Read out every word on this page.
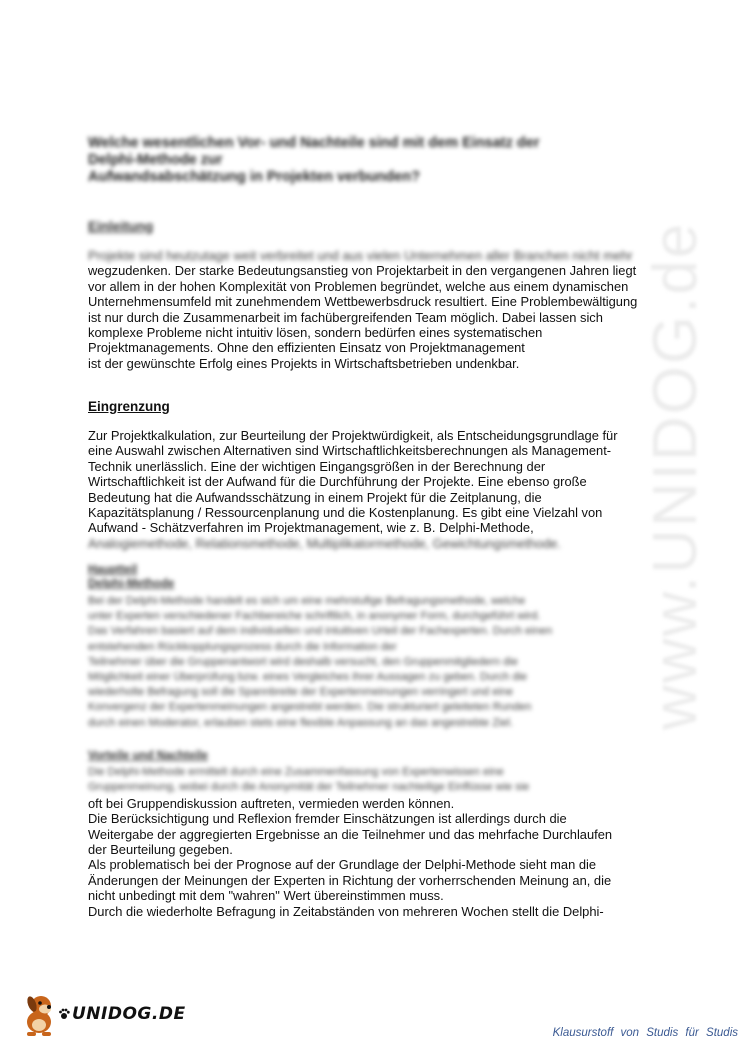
www.UNIDOG.de
Welche wesentlichen Vor- und Nachteile sind mit dem Einsatz der
Delphi-Methode zur
Aufwandsabschätzung in Projekten verbunden?
Einleitung
Projekte sind heutzutage weit verbreitet und aus vielen Unternehmen aller Branchen nicht mehr
wegzudenken. Der starke Bedeutungsanstieg von Projektarbeit in den vergangenen Jahren liegt
vor allem in der hohen Komplexität von Problemen begründet, welche aus einem dynamischen
Unternehmensumfeld mit zunehmendem Wettbewerbsdruck resultiert. Eine Problembewältigung
ist nur durch die Zusammenarbeit im fachübergreifenden Team möglich. Dabei lassen sich
komplexe Probleme nicht intuitiv lösen, sondern bedürfen eines systematischen
Projektmanagements. Ohne den effizienten Einsatz von Projektmanagement
ist der gewünschte Erfolg eines Projekts in Wirtschaftsbetrieben undenkbar.
Eingrenzung
Zur Projektkalkulation, zur Beurteilung der Projektwürdigkeit, als Entscheidungsgrundlage für
eine Auswahl zwischen Alternativen sind Wirtschaftlichkeitsberechnungen als Management-
Technik unerlässlich. Eine der wichtigen Eingangsgrößen in der Berechnung der
Wirtschaftlichkeit ist der Aufwand für die Durchführung der Projekte. Eine ebenso große
Bedeutung hat die Aufwandsschätzung in einem Projekt für die Zeitplanung, die
Kapazitätsplanung / Ressourcenplanung und die Kostenplanung. Es gibt eine Vielzahl von
Aufwand - Schätzverfahren im Projektmanagement, wie z. B. Delphi-Methode,
Analogiemethode, Relationsmethode, Multiplikatormethode, Gewichtungsmethode.
Hauptteil
Delphi-Methode
Bei der Delphi-Methode handelt es sich um eine mehrstufige Befragungsmethode, welche
unter Experten verschiedener Fachbereiche schriftlich, in anonymer Form, durchgeführt wird.
Das Verfahren basiert auf dem individuellen und intuitiven Urteil der Fachexperten. Durch einen
entstehenden Rückkopplungsprozess durch die Information der
Teilnehmer über die Gruppenantwort wird deshalb versucht, den Gruppenmitgliedern die
Möglichkeit einer Überprüfung bzw. eines Vergleiches ihrer Aussagen zu geben. Durch die
wiederholte Befragung soll die Spannbreite der Expertenmeinungen verringert und eine
Konvergenz der Expertenmeinungen angestrebt werden. Die strukturiert geleiteten Runden
durch einen Moderator, erlauben stets eine flexible Anpassung an das angestrebte Ziel.
Vorteile und Nachteile
Die Delphi-Methode ermittelt durch eine Zusammenfassung von Expertenwissen eine
Gruppenmeinung, wobei durch die Anonymität der Teilnehmer nachteilige Einflüsse wie sie
oft bei Gruppendiskussion auftreten, vermieden werden können.
Die Berücksichtigung und Reflexion fremder Einschätzungen ist allerdings durch die
Weitergabe der aggregierten Ergebnisse an die Teilnehmer und das mehrfache Durchlaufen
der Beurteilung gegeben.
Als problematisch bei der Prognose auf der Grundlage der Delphi-Methode sieht man die
Änderungen der Meinungen der Experten in Richtung der vorherrschenden Meinung an, die
nicht unbedingt mit dem "wahren" Wert übereinstimmen muss.
Durch die wiederholte Befragung in Zeitabständen von mehreren Wochen stellt die Delphi-
UNIDOG.DE
Klausurstoff von Studis für Studis
